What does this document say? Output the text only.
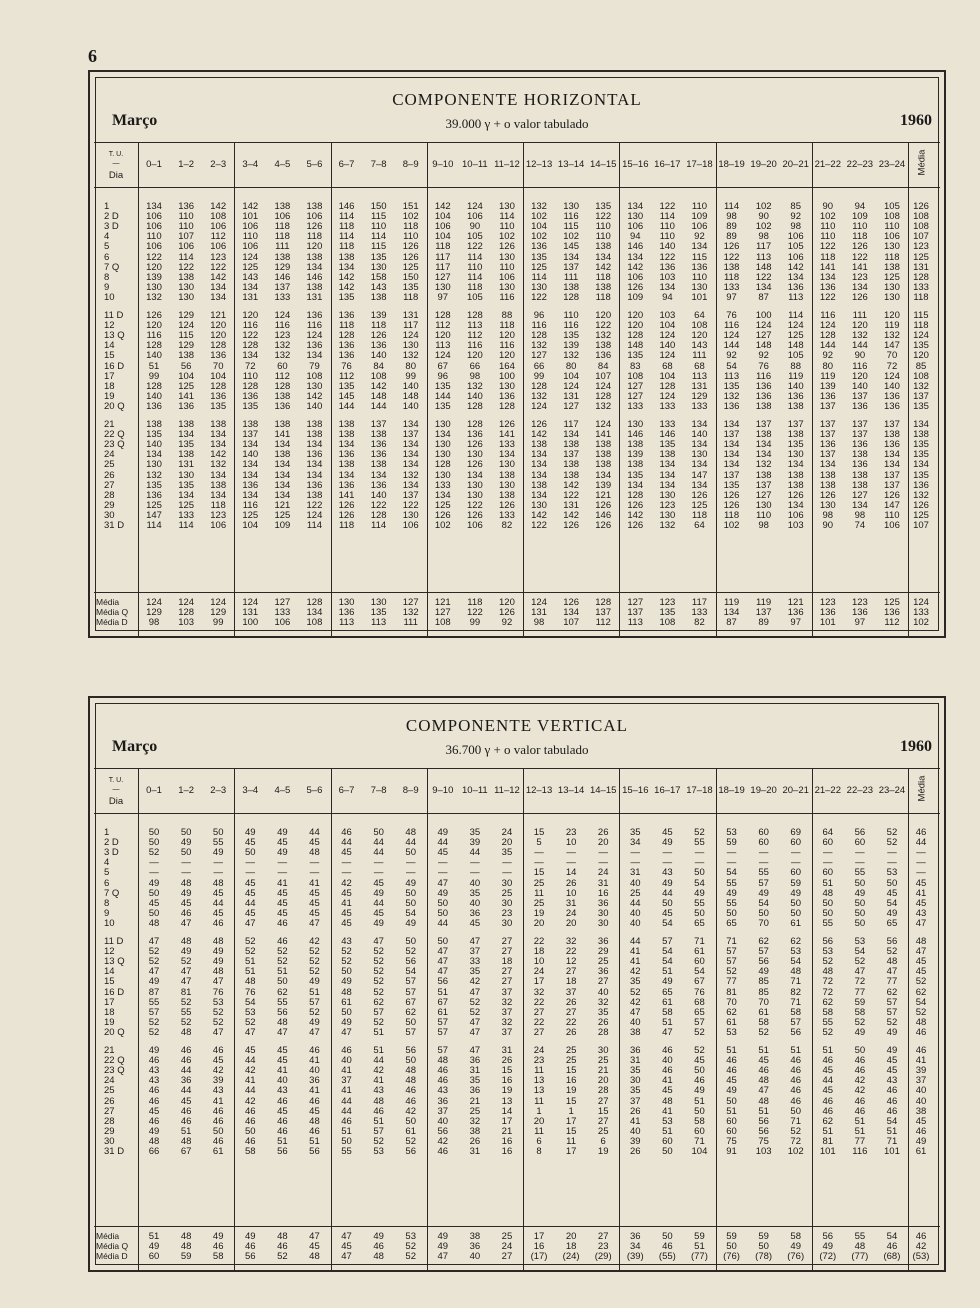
6
COMPONENTE HORIZONTAL
Março	1960
39.000 γ + o valor tabulado
T. U.
—
Dia
0–1	1–2	2–3	3–4	4–5	5–6	6–7	7–8	8–9	9–10 10–11 11–12 12–13 13–14 14–15 15–16 16–17 17–18 18–19 19–20 20–21 21–22 22–23 23–24 Média
1	134	136	142	142	138	138	146	150	151	142	124	130	132	130	135	134	122	110	114	102	85	90	94	105	126
2 D	106	110	108	101	106	106	114	115	102	104	106	114	102	116	122	130	114	109	98	90	92	102	109	108	108
3 D	106	110	106	106	118	126	118	110	118	106	90	110	104	115	110	106	110	106	89	102	98	110	110	110	108
4	110	107	112	110	118	118	114	114	110	104	105	102	102	102	110	94	110	92	89	98	106	110	118	106	107
5	106	106	106	106	111	120	118	115	126	118	122	126	136	145	138	146	140	134	126	117	105	122	126	130	123
6	122	114	123	124	138	138	138	135	126	117	114	130	135	134	134	134	122	115	122	113	106	118	122	118	125
7 Q	120	122	122	125	129	134	134	130	125	117	110	110	125	137	142	142	136	136	138	148	142	141	141	138	131
8	139	138	142	143	146	146	142	158	150	127	114	106	114	111	118	106	103	110	118	122	134	134	123	125	128
9	130	130	134	134	137	138	142	143	135	130	118	130	130	138	138	126	134	130	133	134	136	136	134	130	133
10	132	130	134	131	133	131	135	138	118	97	105	116	122	128	118	109	94	101	97	87	113	122	126	130	118
11 D	126	129	121	120	124	136	136	139	131	128	128	88	96	110	120	120	103	64	76	100	114	116	111	120	115
12	120	124	120	116	116	116	118	118	117	112	113	118	116	116	122	120	104	108	116	124	124	124	120	119	118
13 Q	116	115	120	122	123	124	128	126	124	120	112	120	128	135	132	128	124	120	124	127	125	128	132	132	124
14	128	129	128	128	132	136	136	136	130	113	116	116	132	139	138	148	140	143	144	148	148	144	144	147	135
15	140	138	136	134	132	134	136	140	132	124	120	120	127	132	136	135	124	111	92	92	105	92	90	70	120
16 D	51	56	70	72	60	79	76	84	80	67	66	164	66	80	84	83	68	68	54	76	88	80	116	72	85
17	99	104	104	110	112	108	112	108	99	96	98	100	99	104	107	108	104	113	113	116	119	119	120	124	108
18	128	125	128	128	128	130	135	142	140	135	132	130	128	124	124	127	128	131	135	136	140	139	140	140	132
19	140	141	136	136	138	142	145	148	148	144	140	136	132	131	128	127	124	129	132	136	136	136	137	136	137
20 Q	136	136	135	135	136	140	144	144	140	135	128	128	124	127	132	133	133	133	136	138	138	137	136	136	135
21	138	138	138	138	138	138	138	137	134	130	128	126	126	117	124	130	133	134	134	137	137	137	137	137	134
22 Q	135	134	134	137	141	138	138	138	137	134	136	141	142	134	141	146	146	140	137	138	138	137	137	138	138
23 Q	140	135	134	134	134	134	134	136	134	130	126	133	138	138	138	138	135	134	134	134	135	136	136	136	135
24	134	138	142	140	138	136	136	136	134	130	130	134	134	137	138	139	138	130	134	134	130	137	138	134	135
25	130	131	132	134	134	134	138	138	134	128	126	130	134	138	138	138	134	134	134	132	134	134	136	134	134
26	132	130	134	134	134	134	134	134	132	130	134	138	134	138	134	135	134	147	137	138	138	138	138	137	135
27	135	135	138	136	134	136	136	136	134	133	130	130	138	142	139	134	134	134	135	137	138	138	138	137	136
28	136	134	134	134	134	138	141	140	137	134	130	138	134	122	121	128	130	126	126	127	126	126	127	126	132
29	125	125	118	116	121	122	126	122	122	125	122	126	130	131	126	126	123	125	126	130	134	130	134	147	126
30	147	133	123	125	125	124	126	128	130	126	126	133	142	142	146	142	130	118	118	110	106	98	98	110	125
31 D	114	114	106	104	109	114	118	114	106	102	106	82	122	126	126	126	132	64	102	98	103	90	74	106	107
Média	124	124	124	124	127	128	130	130	127	121	118	120	124	126	128	127	123	117	119	119	121	123	123	125	124
Média Q	129	128	129	131	133	134	136	135	132	127	122	126	131	134	137	137	135	133	134	137	136	136	136	136	133
Média D	98	103	99	100	106	108	113	113	111	108	99	92	98	107	112	113	108	82	87	89	97	101	97	112	102
COMPONENTE VERTICAL
Março	1960
36.700 γ + o valor tabulado
T. U.
—
Dia
0–1	1–2	2–3	3–4	4–5	5–6	6–7	7–8	8–9	9–10 10–11 11–12 12–13 13–14 14–15 15–16 16–17 17–18 18–19 19–20 20–21 21–22 22–23 23–24 Média
1	50	50	50	49	49	44	46	50	48	49	35	24	15	23	26	35	45	52	53	60	69	64	56	52	46
2 D	50	49	55	45	45	45	44	44	44	44	39	20	5	10	20	34	49	55	59	60	60	60	60	52	44
3 D	52	50	49	50	49	48	45	44	50	45	44	35	—	—	—	—	—	—	—	—	—	—	—	—	—
4	—	—	—	—	—	—	—	—	—	—	—	—	—	—	—	—	—	—	—	—	—	—	—	—	—
5	—	—	—	—	—	—	—	—	—	—	—	—	15	14	24	31	43	50	54	55	60	60	55	53	—
6	49	48	48	45	41	41	42	45	49	47	40	30	25	26	31	40	49	54	55	57	59	51	50	50	45
7 Q	50	49	45	45	45	45	45	49	50	49	35	25	11	10	16	25	44	49	49	49	49	48	49	45	41
8	45	45	44	44	45	45	41	44	50	50	40	30	25	31	36	44	50	55	55	54	50	50	50	54	45
9	50	46	45	45	45	45	45	45	54	50	36	23	19	24	30	40	45	50	50	50	50	50	50	49	43
10	48	47	46	47	46	47	45	49	49	44	45	30	20	20	30	40	54	65	65	70	61	55	50	65	47
11 D	47	48	48	52	46	42	43	47	50	50	47	27	22	32	36	44	57	71	71	62	62	56	53	56	48
12	52	49	49	52	52	52	52	52	52	47	37	27	18	22	29	41	54	61	57	57	53	53	54	52	47
13 Q	52	52	49	51	52	52	52	52	56	47	33	18	10	12	25	41	54	60	57	56	54	52	52	48	45
14	47	47	48	51	51	52	50	52	54	47	35	27	24	27	36	42	51	54	52	49	48	48	47	47	45
15	49	47	47	48	50	49	49	52	57	56	42	27	17	18	27	35	49	67	77	85	71	72	72	77	52
16 D	87	81	76	76	62	51	48	52	57	51	47	37	32	37	40	52	65	76	81	85	82	72	77	62	62
17	55	52	53	54	55	57	61	62	67	67	52	32	22	26	32	42	61	68	70	70	71	62	59	57	54
18	57	55	52	53	56	52	50	57	62	61	52	37	27	27	35	47	58	65	62	61	58	58	58	57	52
19	52	52	52	52	48	49	49	52	50	57	47	32	22	22	26	40	51	57	61	58	57	55	52	52	48
20 Q	52	48	47	47	47	47	47	51	57	57	47	37	27	26	28	38	47	52	53	52	56	52	49	49	46
21	49	46	46	45	45	46	46	51	56	57	47	31	24	25	30	36	46	52	51	51	51	51	50	49	46
22 Q	46	46	45	44	45	41	40	44	50	48	36	26	23	25	25	31	40	45	46	45	46	46	46	45	41
23 Q	43	44	42	42	41	40	41	42	48	46	31	15	11	15	21	35	46	50	46	46	46	45	46	45	39
24	43	36	39	41	40	36	37	41	48	46	35	16	13	16	20	30	41	46	45	48	46	44	42	43	37
25	46	44	43	44	43	41	41	43	46	43	36	19	13	19	28	35	45	49	49	47	46	45	42	46	40
26	46	45	41	42	46	46	44	48	46	36	21	13	11	15	27	37	48	51	50	48	46	46	46	46	40
27	45	46	46	46	45	45	44	46	42	37	25	14	1	1	15	26	41	50	51	51	50	46	46	46	38
28	46	46	46	46	46	48	46	51	50	40	32	17	20	17	27	41	53	58	60	56	71	62	51	54	45
29	49	51	50	50	46	46	51	57	61	56	38	21	11	15	25	40	51	60	60	56	52	51	51	51	46
30	48	48	46	46	51	51	50	52	52	42	26	16	6	11	6	39	60	71	75	75	72	81	77	71	49
31 D	66	67	61	58	56	56	55	53	56	46	31	16	8	17	19	26	50	104	91	103	102	101	116	101	61
Média	51	48	49	49	48	47	47	49	53	49	38	25	17	20	27	36	50	59	59	59	58	56	55	54	46
Média Q	49	48	46	46	46	45	45	46	52	49	36	24	16	18	23	34	46	51	50	50	49	49	48	46	42
Média D	60	59	58	56	52	48	47	48	52	47	40	27	(17)	(24)	(29)	(39)	(55)	(77)	(76)	(78)	(76)	(72)	(77)	(68)	(53)
